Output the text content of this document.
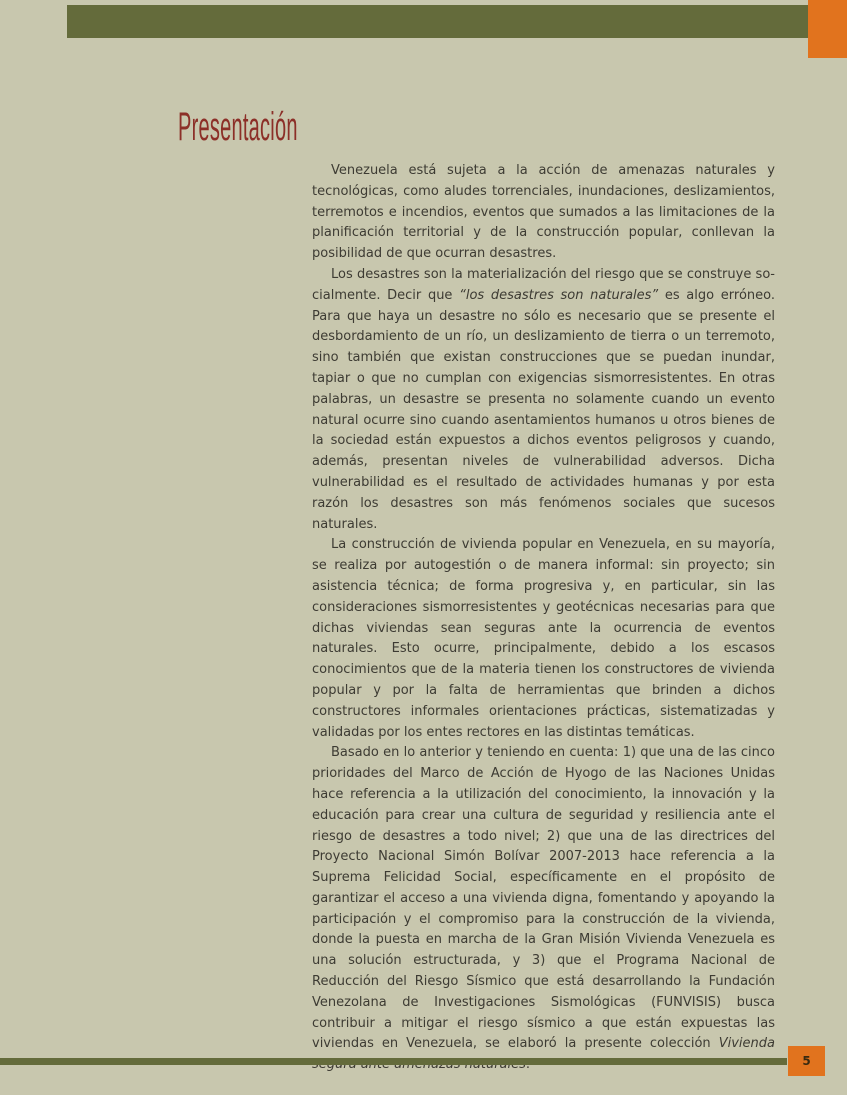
Presentación

Venezuela está sujeta a la acción de amenazas naturales y tecnológicas, como aludes torrenciales, inundaciones, deslizamientos, terremotos e incendios, eventos que sumados a las limitaciones de la planificación territorial y de la construcción popular, conllevan la posibilidad de que ocurran desastres.

Los desastres son la materialización del riesgo que se construye socialmente. Decir que “los desastres son naturales” es algo erróneo. Para que haya un desastre no sólo es necesario que se presente el desbordamiento de un río, un deslizamiento de tierra o un terremoto, sino también que existan construcciones que se puedan inundar, tapiar o que no cumplan con exigencias sismorresistentes. En otras palabras, un desastre se presenta no solamente cuando un evento natural ocurre sino cuando asentamientos humanos u otros bienes de la sociedad están expuestos a dichos eventos peligrosos y cuando, además, presentan niveles de vulnerabilidad adversos. Dicha vulnerabilidad es el resultado de actividades humanas y por esta razón los desastres son más fenómenos sociales que sucesos naturales.

La construcción de vivienda popular en Venezuela, en su mayoría, se realiza por autogestión o de manera informal: sin proyecto; sin asistencia técnica; de forma progresiva y, en particular, sin las consideraciones sismorresistentes y geotécnicas necesarias para que dichas viviendas sean seguras ante la ocurrencia de eventos naturales. Esto ocurre, principalmente, debido a los escasos conocimientos que de la materia tienen los constructores de vivienda popular y por la falta de herramientas que brinden a dichos constructores informales orientaciones prácticas, sistematizadas y validadas por los entes rectores en las distintas temáticas.

Basado en lo anterior y teniendo en cuenta: 1) que una de las cinco prioridades del Marco de Acción de Hyogo de las Naciones Unidas hace referencia a la utilización del conocimiento, la innovación y la educación para crear una cultura de seguridad y resiliencia ante el riesgo de desastres a todo nivel; 2) que una de las directrices del Proyecto Nacional Simón Bolívar 2007-2013 hace referencia a la Suprema Felicidad Social, específicamente en el propósito de garantizar el acceso a una vivienda digna, fomentando y apoyando la participación y el compromiso para la construcción de la vivienda, donde la puesta en marcha de la Gran Misión Vivienda Venezuela es una solución estructurada, y 3) que el Programa Nacional de Reducción del Riesgo Sísmico que está desarrollando la Fundación Venezolana de Investigaciones Sismológicas (FUNVISIS) busca contribuir a mitigar el riesgo sísmico a que están expuestas las viviendas en Venezuela, se elaboró la presente colección Vivienda

5
